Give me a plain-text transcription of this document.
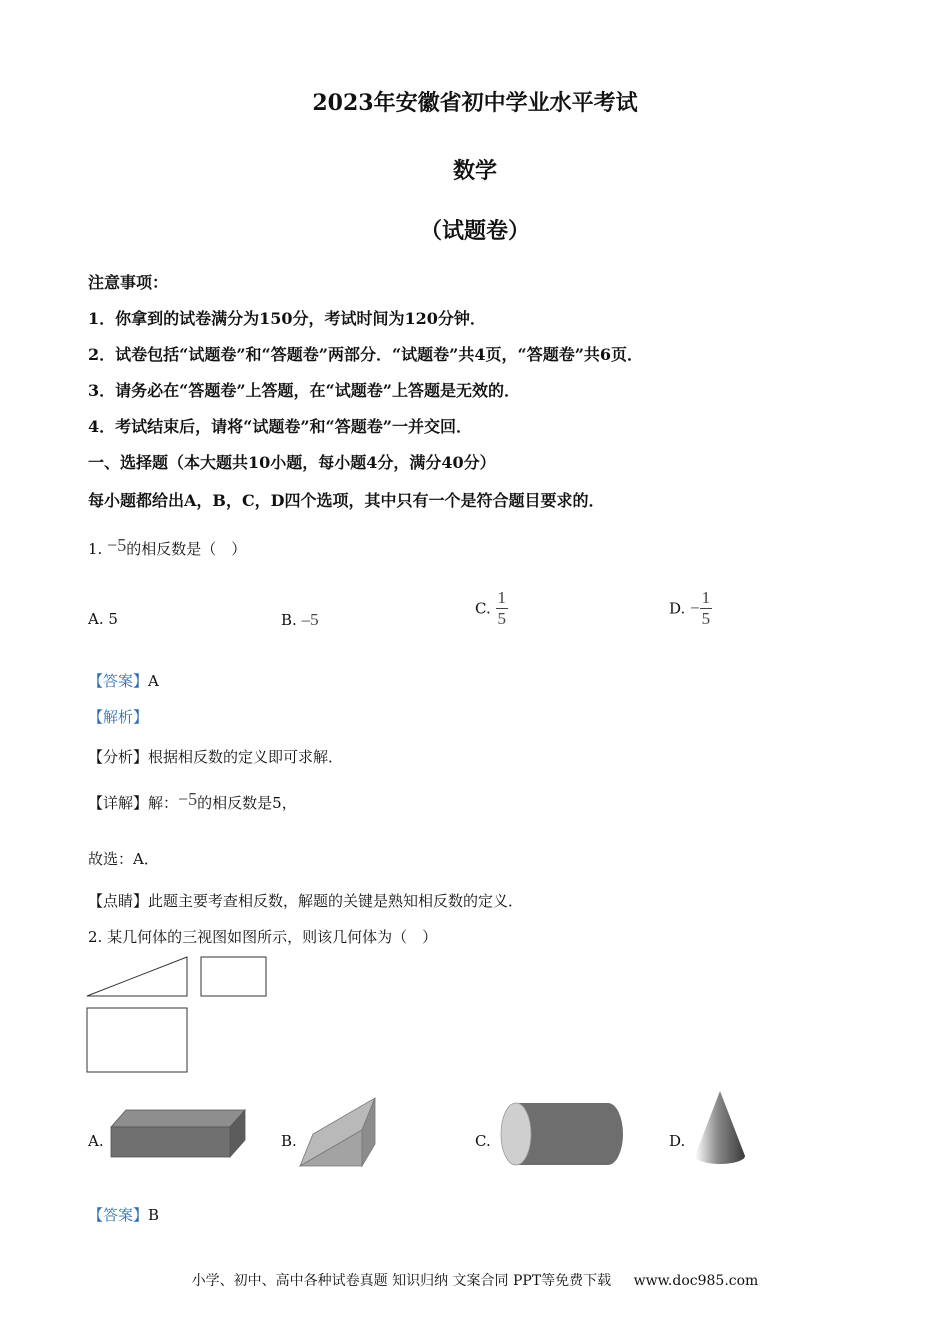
2023年安徽省初中学业水平考试
数学
（试题卷）
注意事项：
1．你拿到的试卷满分为150分，考试时间为120分钟．
2．试卷包括“试题卷”和“答题卷”两部分．“试题卷”共4页，“答题卷”共6页．
3．请务必在“答题卷”上答题，在“试题卷”上答题是无效的．
4．考试结束后，请将“试题卷”和“答题卷”一并交回．
一、选择题（本大题共10小题，每小题4分，满分40分）
每小题都给出A，B，C，D四个选项，其中只有一个是符合题目要求的．
1. −5的相反数是（　）
A. 5	B. –5
C. $\frac{1}{5}$	D. − $\frac{1}{5}$
【答案】A
【解析】
【分析】根据相反数的定义即可求解．
【详解】解：−5的相反数是5，
故选：A．
【点睛】此题主要考查相反数，解题的关键是熟知相反数的定义．
2. 某几何体的三视图如图所示，则该几何体为（　）
A.	B.	C.	D.
【答案】B
小学、初中、高中各种试卷真题 知识归纳 文案合同 PPT等免费下载 www.doc985.com
